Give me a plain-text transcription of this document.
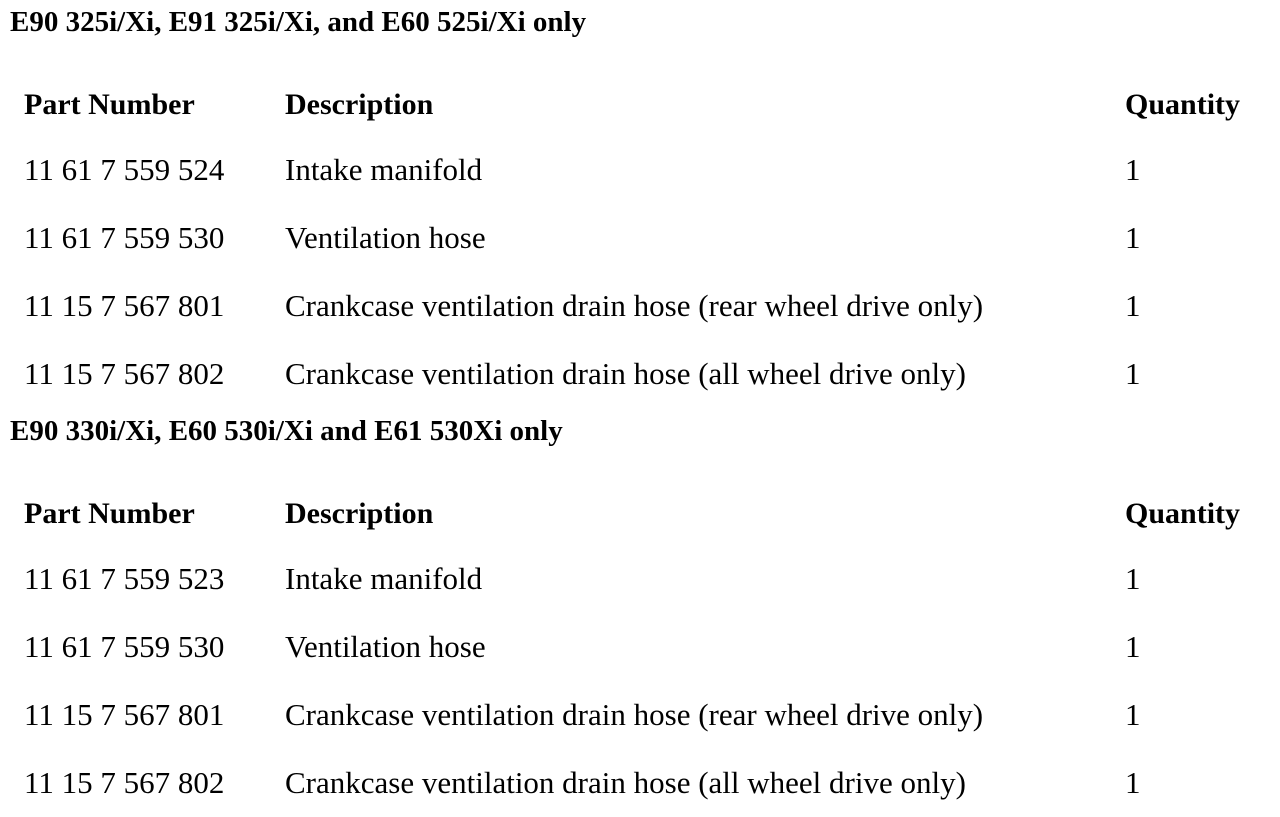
E90 325i/Xi, E91 325i/Xi, and E60 525i/Xi only
Part Number	Description	Quantity
11 61 7 559 524	Intake manifold	1
11 61 7 559 530	Ventilation hose	1
11 15 7 567 801	Crankcase ventilation drain hose (rear wheel drive only)	1
11 15 7 567 802	Crankcase ventilation drain hose (all wheel drive only)	1
E90 330i/Xi, E60 530i/Xi and E61 530Xi only
Part Number	Description	Quantity
11 61 7 559 523	Intake manifold	1
11 61 7 559 530	Ventilation hose	1
11 15 7 567 801	Crankcase ventilation drain hose (rear wheel drive only)	1
11 15 7 567 802	Crankcase ventilation drain hose (all wheel drive only)	1
